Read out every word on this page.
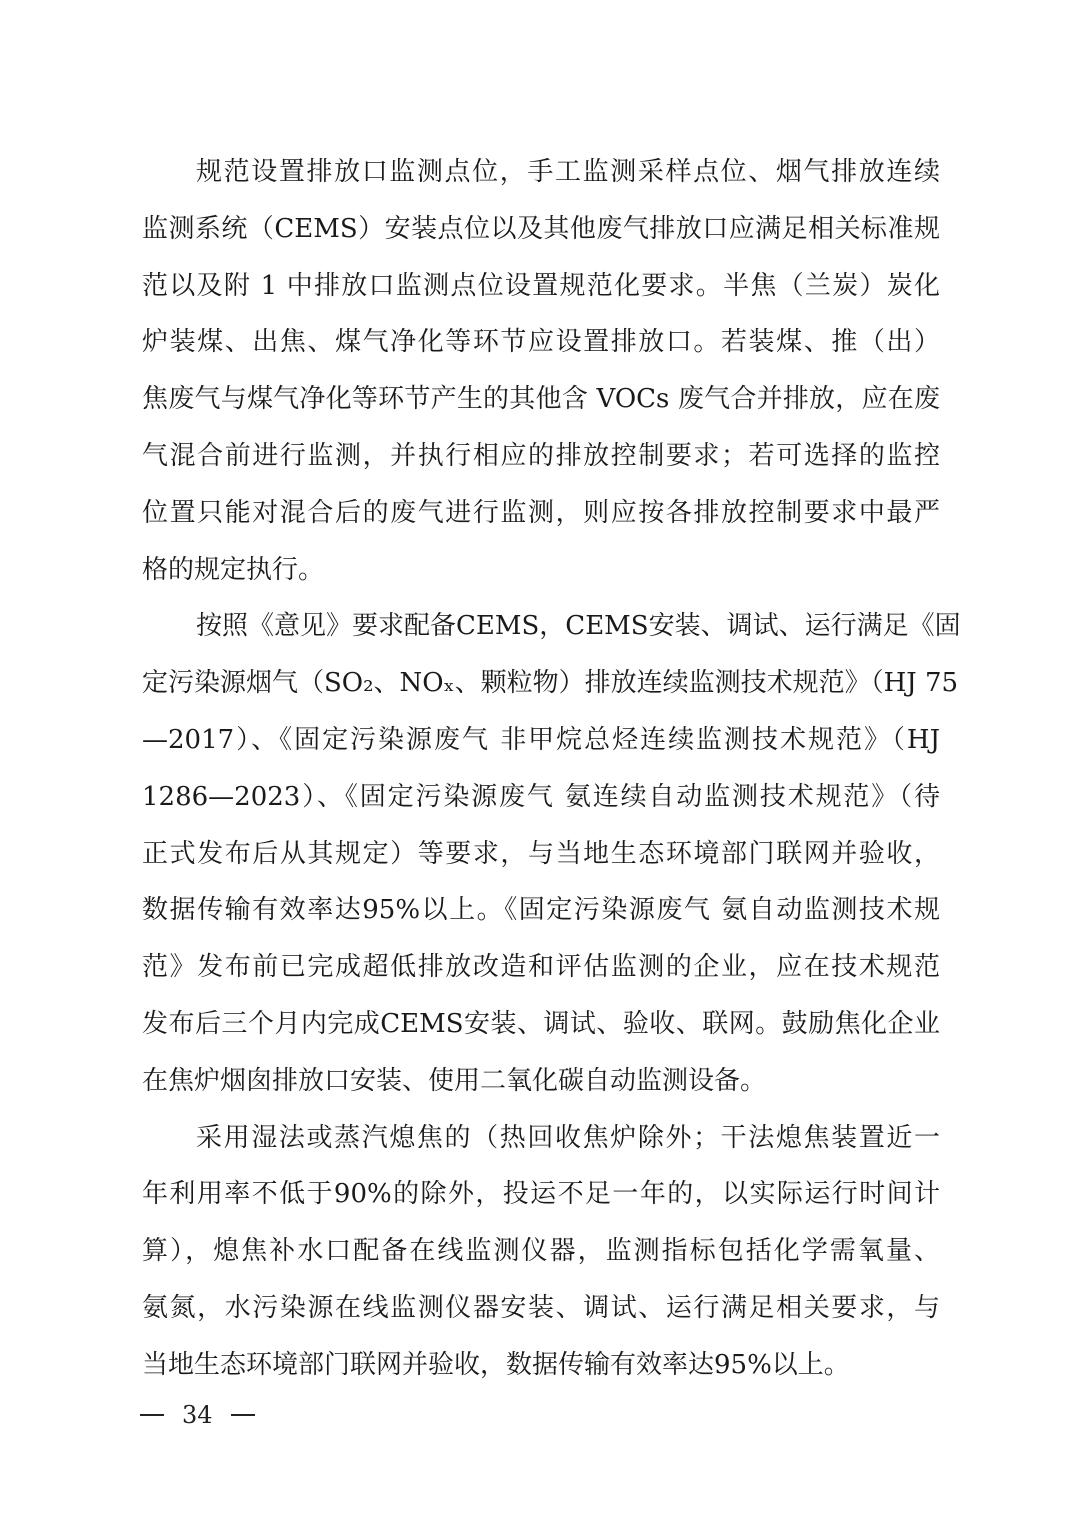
规范设置排放口监测点位，手工监测采样点位、烟气排放连续
监测系统（CEMS）安装点位以及其他废气排放口应满足相关标准规
范以及附 1 中排放口监测点位设置规范化要求。半焦（兰炭）炭化
炉装煤、出焦、煤气净化等环节应设置排放口。若装煤、推（出）
焦废气与煤气净化等环节产生的其他含 VOCs 废气合并排放，应在废
气混合前进行监测，并执行相应的排放控制要求；若可选择的监控
位置只能对混合后的废气进行监测，则应按各排放控制要求中最严
格的规定执行。
按照《意见》要求配备CEMS，CEMS安装、调试、运行满足《固
定污染源烟气（SO₂、NOₓ、颗粒物）排放连续监测技术规范》（HJ 75
—2017）、《固定污染源废气 非甲烷总烃连续监测技术规范》（HJ
1286—2023）、《固定污染源废气 氨连续自动监测技术规范》（待
正式发布后从其规定）等要求，与当地生态环境部门联网并验收，
数据传输有效率达95%以上。《固定污染源废气 氨自动监测技术规
范》发布前已完成超低排放改造和评估监测的企业，应在技术规范
发布后三个月内完成CEMS安装、调试、验收、联网。鼓励焦化企业
在焦炉烟囱排放口安装、使用二氧化碳自动监测设备。
采用湿法或蒸汽熄焦的（热回收焦炉除外；干法熄焦装置近一
年利用率不低于90%的除外，投运不足一年的，以实际运行时间计
算），熄焦补水口配备在线监测仪器，监测指标包括化学需氧量、
氨氮，水污染源在线监测仪器安装、调试、运行满足相关要求，与
当地生态环境部门联网并验收，数据传输有效率达95%以上。
34
